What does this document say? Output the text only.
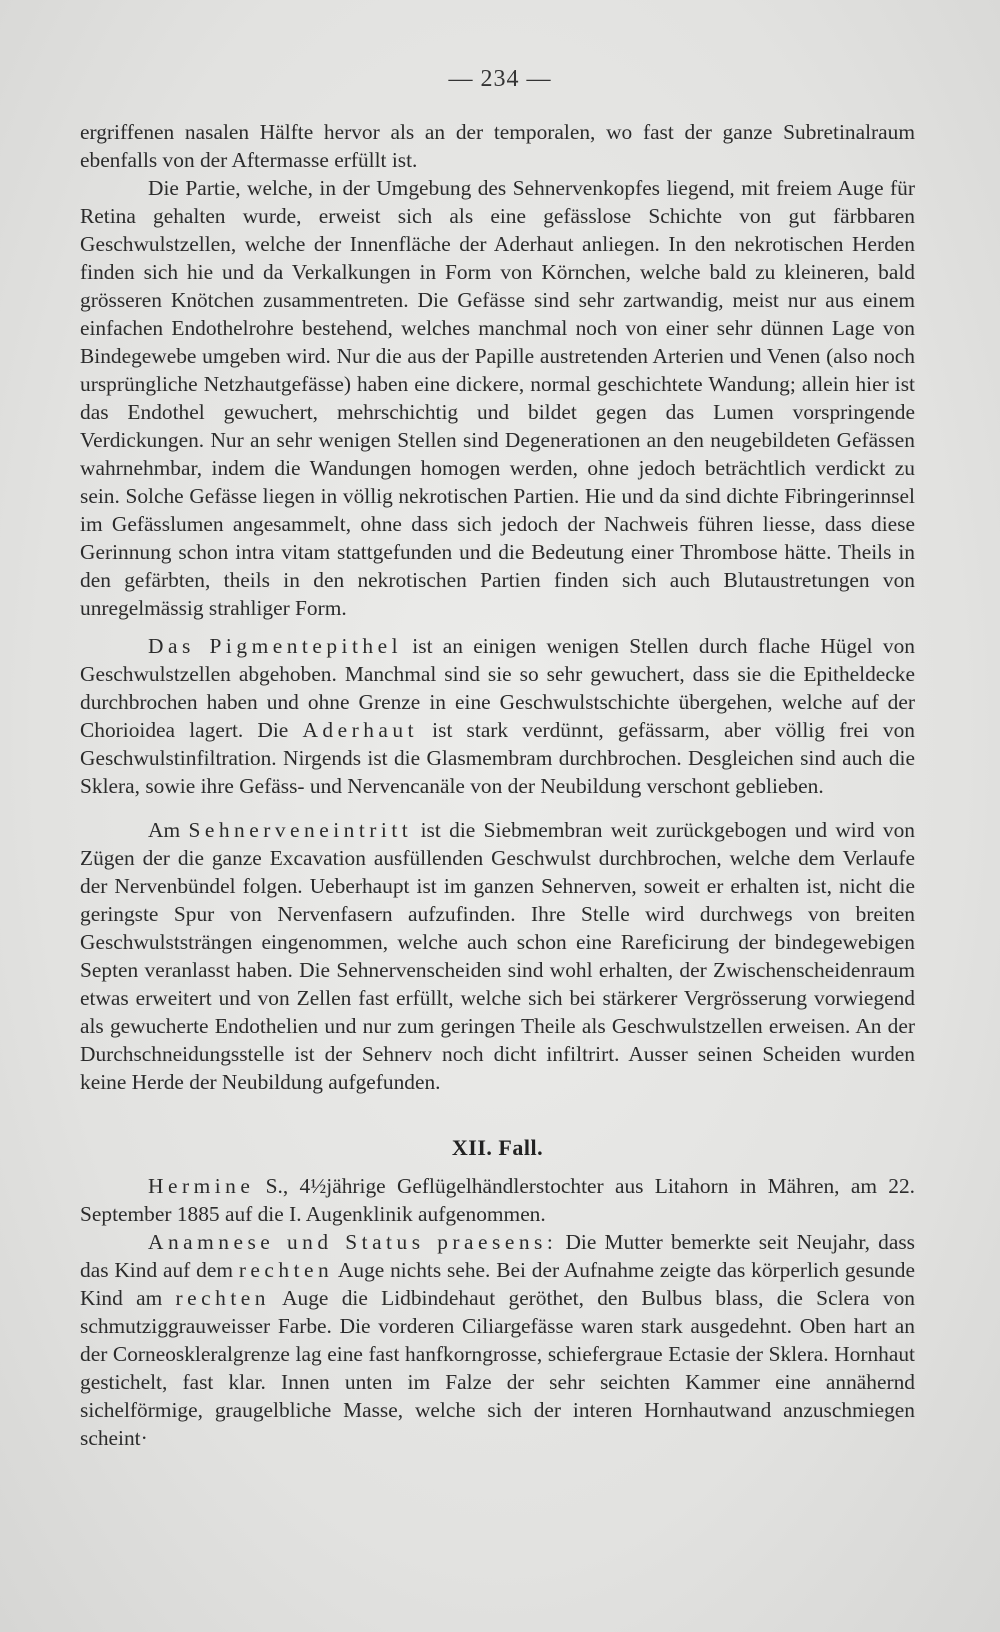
— 234 —

ergriffenen nasalen Hälfte hervor als an der temporalen, wo fast der ganze Subretinalraum ebenfalls von der Aftermasse erfüllt ist.

Die Partie, welche, in der Umgebung des Sehnervenkopfes liegend, mit freiem Auge für Retina gehalten wurde, erweist sich als eine gefässlose Schichte von gut färbbaren Geschwulstzellen, welche der Innenfläche der Aderhaut anliegen. In den nekrotischen Herden finden sich hie und da Verkalkungen in Form von Körnchen, welche bald zu kleineren, bald grösseren Knötchen zusammentreten. Die Gefässe sind sehr zartwandig, meist nur aus einem einfachen Endothelrohre bestehend, welches manchmal noch von einer sehr dünnen Lage von Bindegewebe umgeben wird. Nur die aus der Papille austretenden Arterien und Venen (also noch ursprüngliche Netzhautgefässe) haben eine dickere, normal geschichtete Wandung; allein hier ist das Endothel gewuchert, mehrschichtig und bildet gegen das Lumen vorspringende Verdickungen. Nur an sehr wenigen Stellen sind Degenerationen an den neugebildeten Gefässen wahrnehmbar, indem die Wandungen homogen werden, ohne jedoch beträchtlich verdickt zu sein. Solche Gefässe liegen in völlig nekrotischen Partien. Hie und da sind dichte Fibringerinnsel im Gefässlumen angesammelt, ohne dass sich jedoch der Nachweis führen liesse, dass diese Gerinnung schon intra vitam stattgefunden und die Bedeutung einer Thrombose hätte. Theils in den gefärbten, theils in den nekrotischen Partien finden sich auch Blutaustretungen von unregelmässig strahliger Form.

Das Pigmentepithel ist an einigen wenigen Stellen durch flache Hügel von Geschwulstzellen abgehoben. Manchmal sind sie so sehr gewuchert, dass sie die Epitheldecke durchbrochen haben und ohne Grenze in eine Geschwulstschichte übergehen, welche auf der Chorioidea lagert. Die Aderhaut ist stark verdünnt, gefässarm, aber völlig frei von Geschwulstinfiltration. Nirgends ist die Glasmembram durchbrochen. Desgleichen sind auch die Sklera, sowie ihre Gefäss- und Nervencanäle von der Neubildung verschont geblieben.

Am Sehnerveneintritt ist die Siebmembran weit zurückgebogen und wird von Zügen der die ganze Excavation ausfüllenden Geschwulst durchbrochen, welche dem Verlaufe der Nervenbündel folgen. Ueberhaupt ist im ganzen Sehnerven, soweit er erhalten ist, nicht die geringste Spur von Nervenfasern aufzufinden. Ihre Stelle wird durchwegs von breiten Geschwulststrängen eingenommen, welche auch schon eine Rareficirung der bindegewebigen Septen veranlasst haben. Die Sehnervenscheiden sind wohl erhalten, der Zwischenscheidenraum etwas erweitert und von Zellen fast erfüllt, welche sich bei stärkerer Vergrösserung vorwiegend als gewucherte Endothelien und nur zum geringen Theile als Geschwulstzellen erweisen. An der Durchschneidungsstelle ist der Sehnerv noch dicht infiltrirt. Ausser seinen Scheiden wurden keine Herde der Neubildung aufgefunden.

XII. Fall.

Hermine S., 4½jährige Geflügelhändlerstochter aus Litahorn in Mähren, am 22. September 1885 auf die I. Augenklinik aufgenommen.

Anamnese und Status praesens: Die Mutter bemerkte seit Neujahr, dass das Kind auf dem rechten Auge nichts sehe. Bei der Aufnahme zeigte das körperlich gesunde Kind am rechten Auge die Lidbindehaut geröthet, den Bulbus blass, die Sclera von schmutziggrauweisser Farbe. Die vorderen Ciliargefässe waren stark ausgedehnt. Oben hart an der Corneoskleralgrenze lag eine fast hanfkorngrosse, schiefergraue Ectasie der Sklera. Hornhaut gestichelt, fast klar. Innen unten im Falze der sehr seichten Kammer eine annähernd sichelförmige, graugelbliche Masse, welche sich der interen Hornhautwand anzuschmiegen scheint·
